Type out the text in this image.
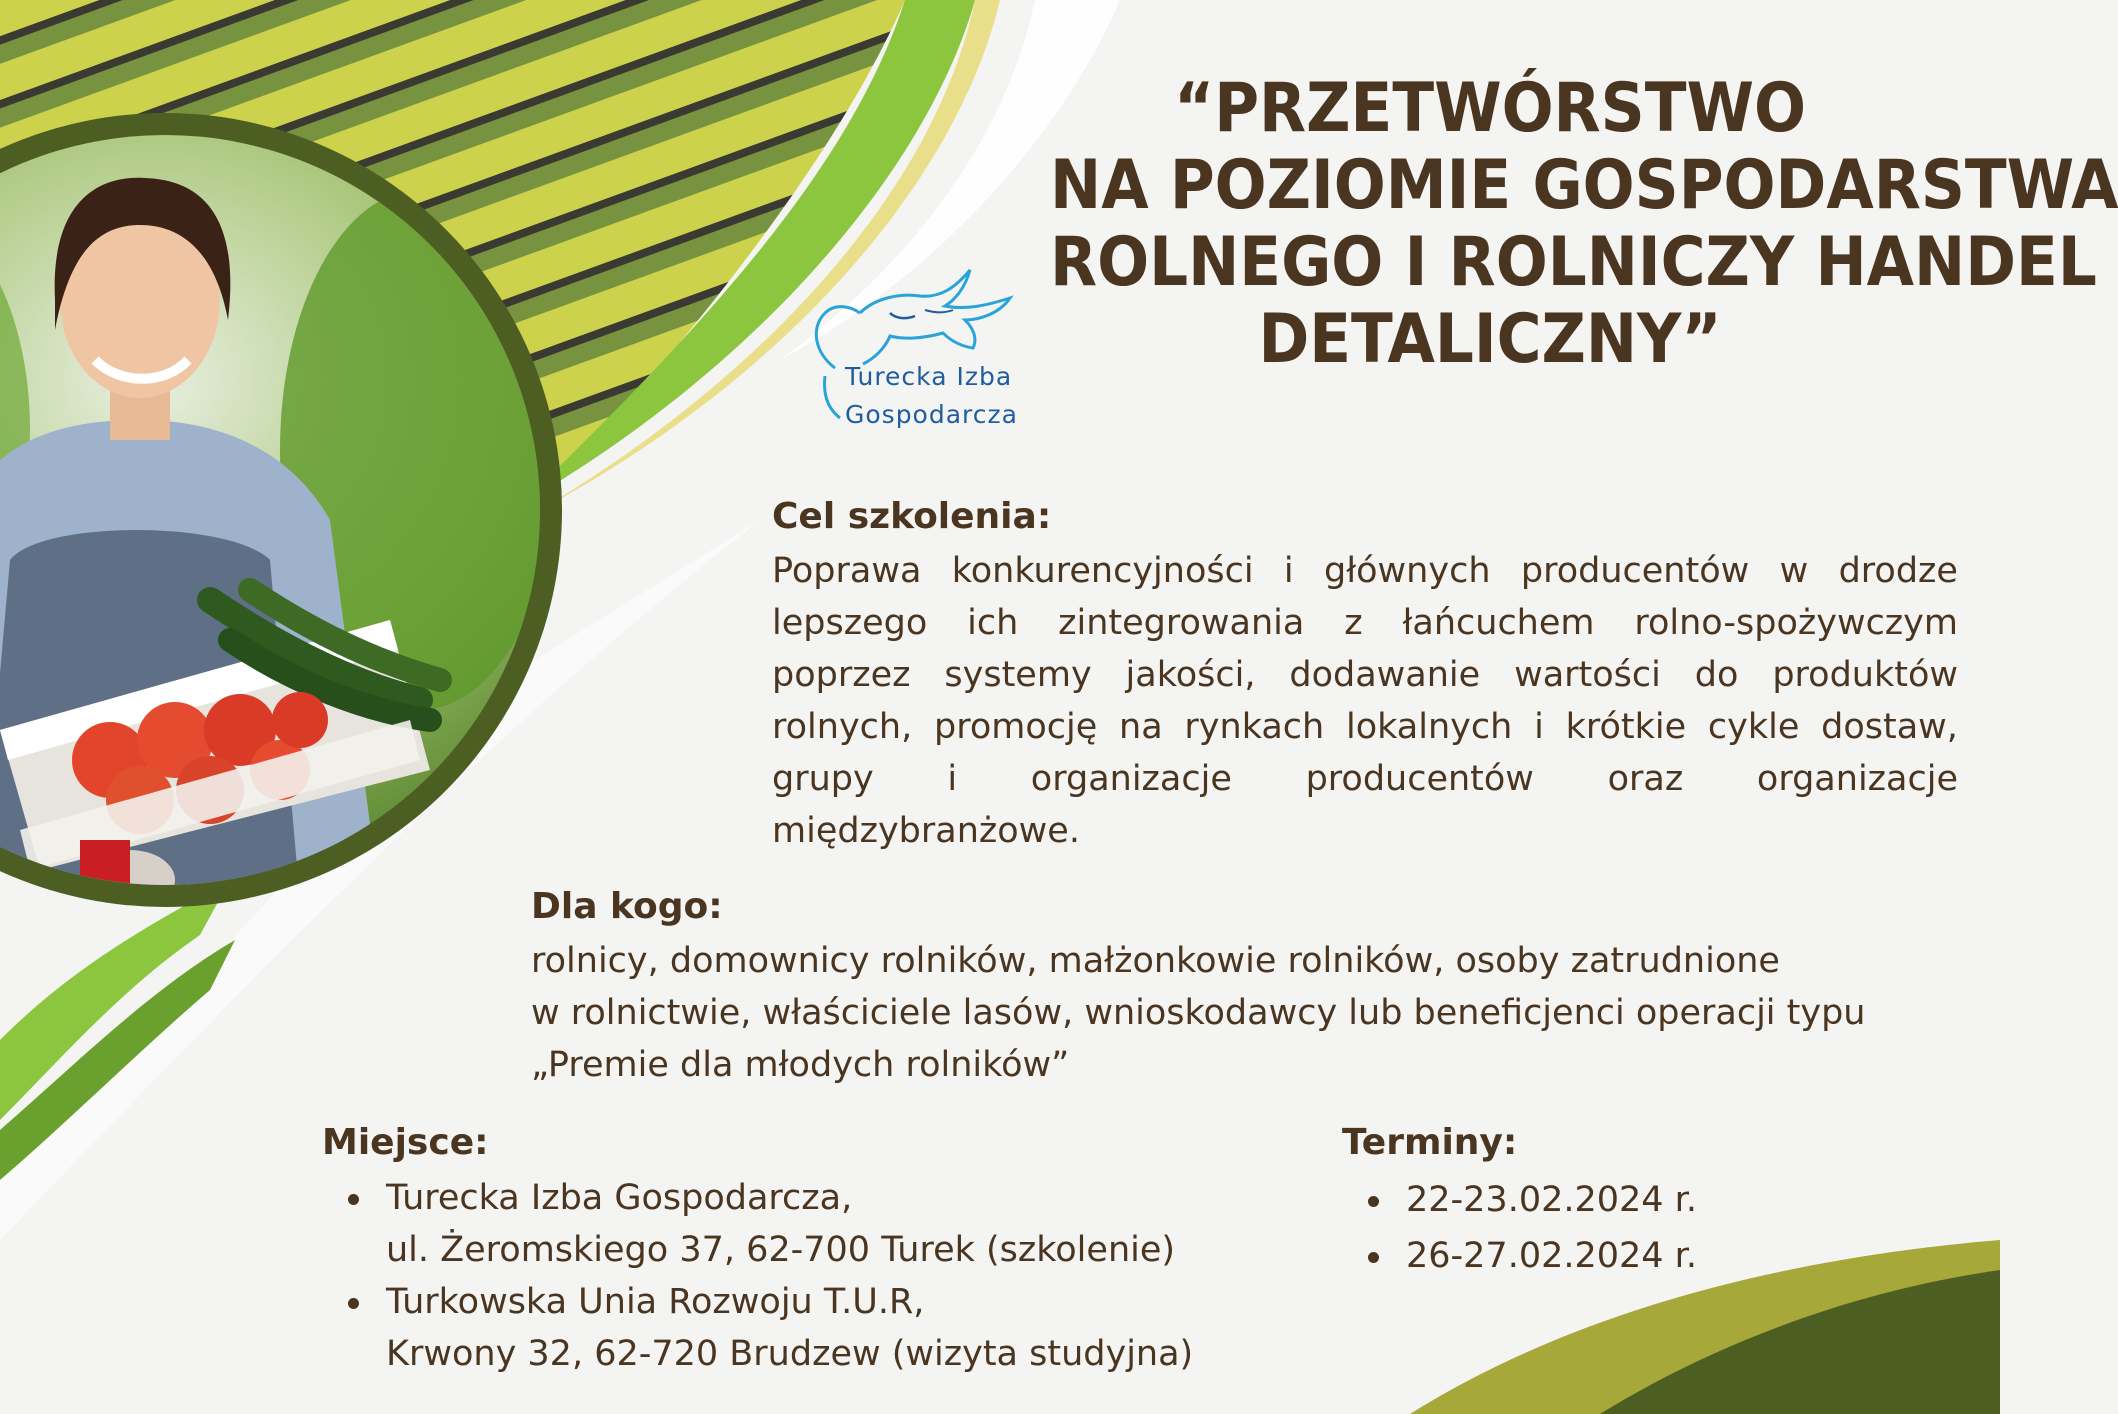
“PRZETWÓRSTWO
NA POZIOMIE GOSPODARSTWA
ROLNEGO I ROLNICZY HANDEL
DETALICZNY”
Turecka Izba
Gospodarcza
Cel szkolenia:
Poprawa konkurencyjności i głównych producentów w drodze
lepszego ich zintegrowania z łańcuchem rolno-spożywczym
poprzez systemy jakości, dodawanie wartości do produktów
rolnych, promocję na rynkach lokalnych i krótkie cykle dostaw,
grupy i organizacje producentów oraz organizacje
międzybranżowe.
Dla kogo:
rolnicy, domownicy rolników, małżonkowie rolników, osoby zatrudnione
w rolnictwie, właściciele lasów, wnioskodawcy lub beneficjenci operacji typu
„Premie dla młodych rolników”
Miejsce:
Turecka Izba Gospodarcza,
ul. Żeromskiego 37, 62-700 Turek (szkolenie)
Turkowska Unia Rozwoju T.U.R,
Krwony 32, 62-720 Brudzew (wizyta studyjna)
Terminy:
22-23.02.2024 r.
26-27.02.2024 r.
